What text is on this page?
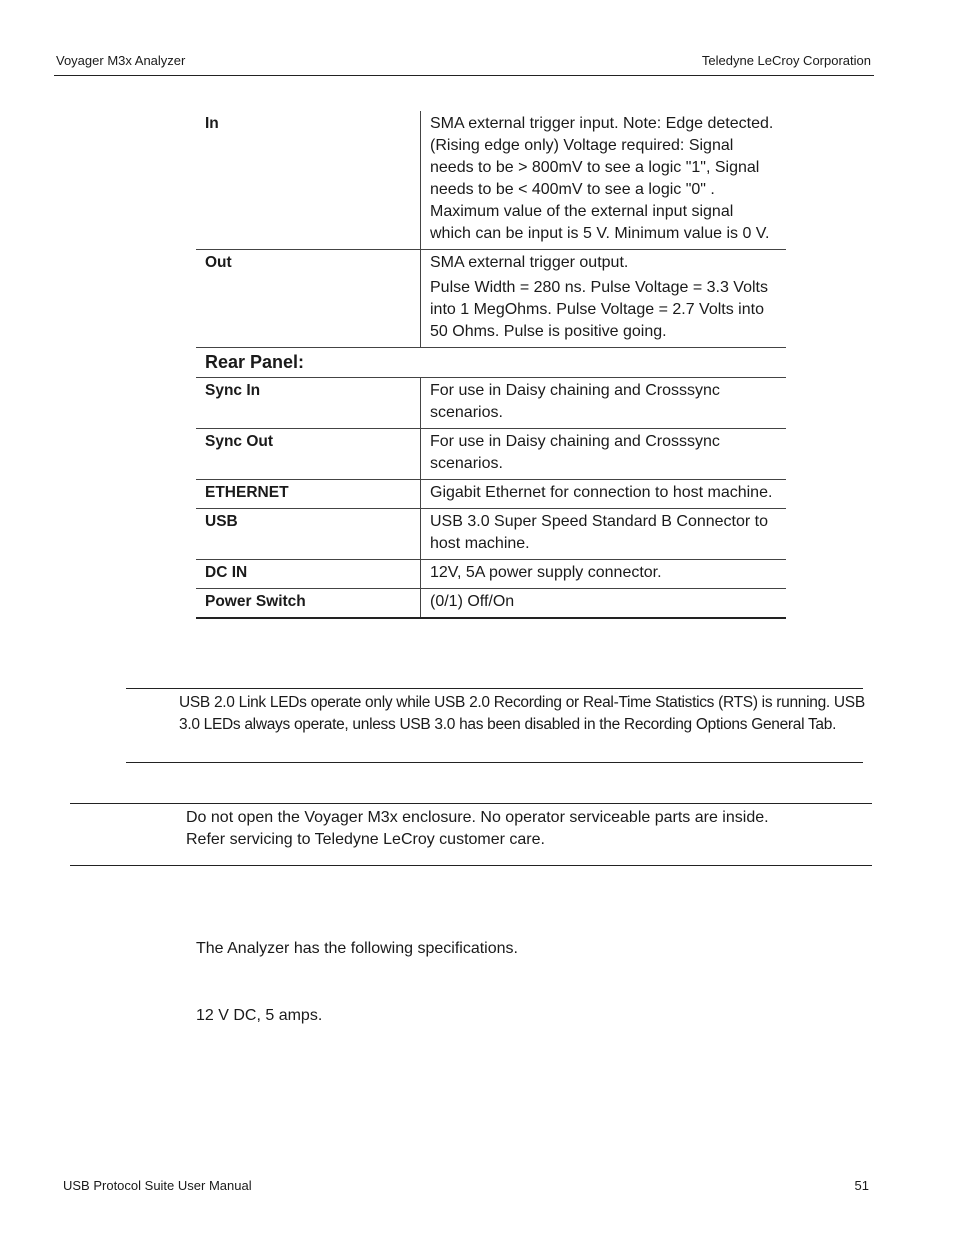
Voyager M3x Analyzer	Teledyne LeCroy Corporation
In	SMA external trigger input. Note: Edge detected. (Rising edge only) Voltage required: Signal needs to be > 800mV to see a logic "1", Signal needs to be < 400mV to see a logic "0" . Maximum value of the external input signal which can be input is 5 V. Minimum value is 0 V.

Out	SMA external trigger output.

Pulse Width = 280 ns. Pulse Voltage = 3.3 Volts into 1 MegOhms. Pulse Voltage = 2.7 Volts into 50 Ohms. Pulse is positive going.

Rear Panel:	
Sync In	For use in Daisy chaining and Crosssync scenarios.
Sync Out	For use in Daisy chaining and Crosssync scenarios.
ETHERNET	Gigabit Ethernet for connection to host machine.
USB	USB 3.0 Super Speed Standard B Connector to host machine.
DC IN	12V, 5A power supply connector.
Power Switch	(0/1) Off/On
USB 2.0 Link LEDs operate only while USB 2.0 Recording or Real-Time Statistics (RTS) is running. USB 3.0 LEDs always operate, unless USB 3.0 has been disabled in the Recording Options General Tab.
Do not open the Voyager M3x enclosure. No operator serviceable parts are inside. Refer servicing to Teledyne LeCroy customer care.
The Analyzer has the following specifications.
12 V DC, 5 amps.
USB Protocol Suite User Manual	51
